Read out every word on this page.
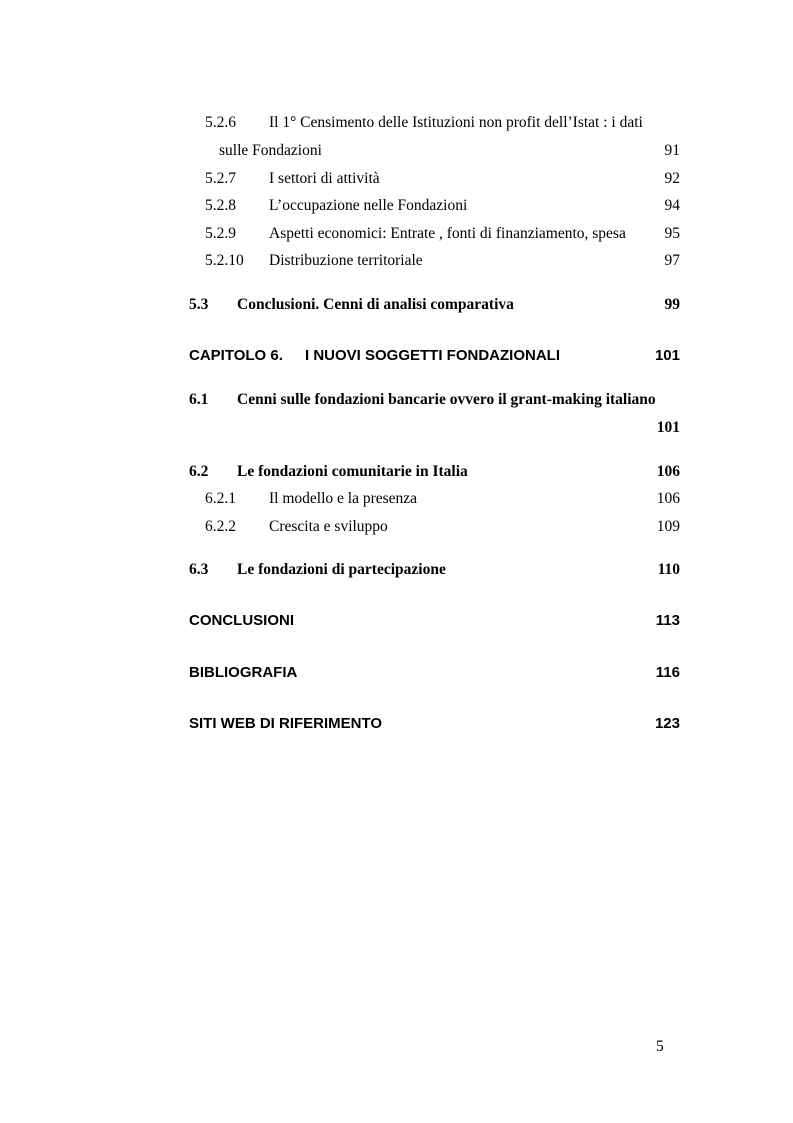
5.2.6 Il 1° Censimento delle Istituzioni non profit dell’Istat : i dati
sulle Fondazioni	91
5.2.7 I settori di attività	92
5.2.8 L’occupazione nelle Fondazioni	94
5.2.9 Aspetti economici: Entrate , fonti di finanziamento, spesa 95
5.2.10 Distribuzione territoriale	97
5.3 Conclusioni. Cenni di analisi comparativa	99
CAPITOLO 6. I NUOVI SOGGETTI FONDAZIONALI	101
6.1 Cenni sulle fondazioni bancarie ovvero il grant-making italiano
101
6.2 Le fondazioni comunitarie in Italia	106
6.2.1 Il modello e la presenza	106
6.2.2 Crescita e sviluppo	109
6.3 Le fondazioni di partecipazione	110
CONCLUSIONI	113
BIBLIOGRAFIA	116
SITI WEB DI RIFERIMENTO	123
5
